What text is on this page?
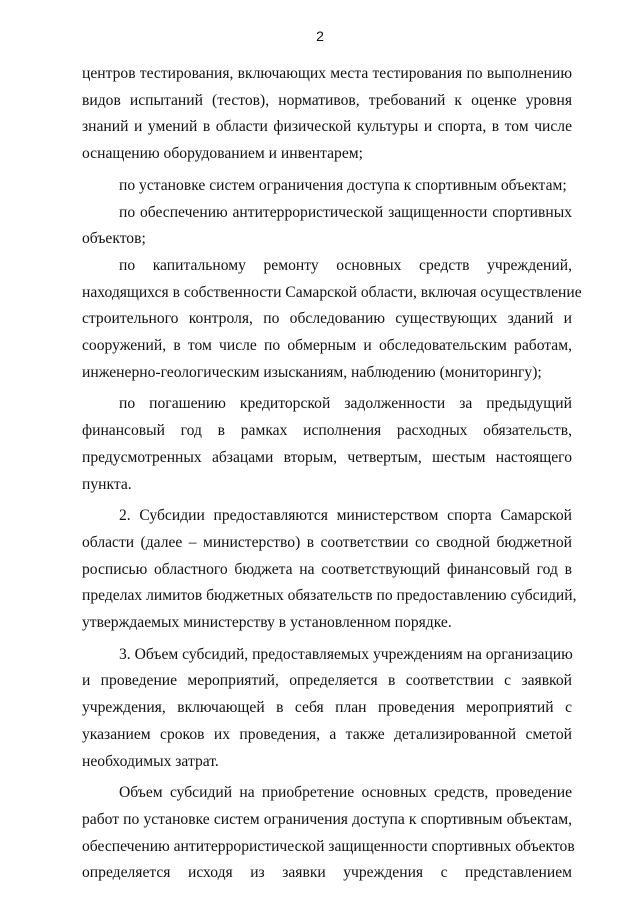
2
центров тестирования, включающих места тестирования по выполнению
видов испытаний (тестов), нормативов, требований к оценке уровня
знаний и умений в области физической культуры и спорта, в том числе
оснащению оборудованием и инвентарем;
по установке систем ограничения доступа к спортивным объектам;
по обеспечению антитеррористической защищенности спортивных
объектов;
по капитальному ремонту основных средств учреждений,
находящихся в собственности Самарской области, включая осуществление
строительного контроля, по обследованию существующих зданий и
сооружений, в том числе по обмерным и обследовательским работам,
инженерно-геологическим изысканиям, наблюдению (мониторингу);
по погашению кредиторской задолженности за предыдущий
финансовый год в рамках исполнения расходных обязательств,
предусмотренных абзацами вторым, четвертым, шестым настоящего
пункта.
2. Субсидии предоставляются министерством спорта Самарской
области (далее – министерство) в соответствии со сводной бюджетной
росписью областного бюджета на соответствующий финансовый год в
пределах лимитов бюджетных обязательств по предоставлению субсидий,
утверждаемых министерству в установленном порядке.
3. Объем субсидий, предоставляемых учреждениям на организацию
и проведение мероприятий, определяется в соответствии с заявкой
учреждения, включающей в себя план проведения мероприятий с
указанием сроков их проведения, а также детализированной сметой
необходимых затрат.
Объем субсидий на приобретение основных средств, проведение
работ по установке систем ограничения доступа к спортивным объектам,
обеспечению антитеррористической защищенности спортивных объектов
определяется исходя из заявки учреждения с представлением
